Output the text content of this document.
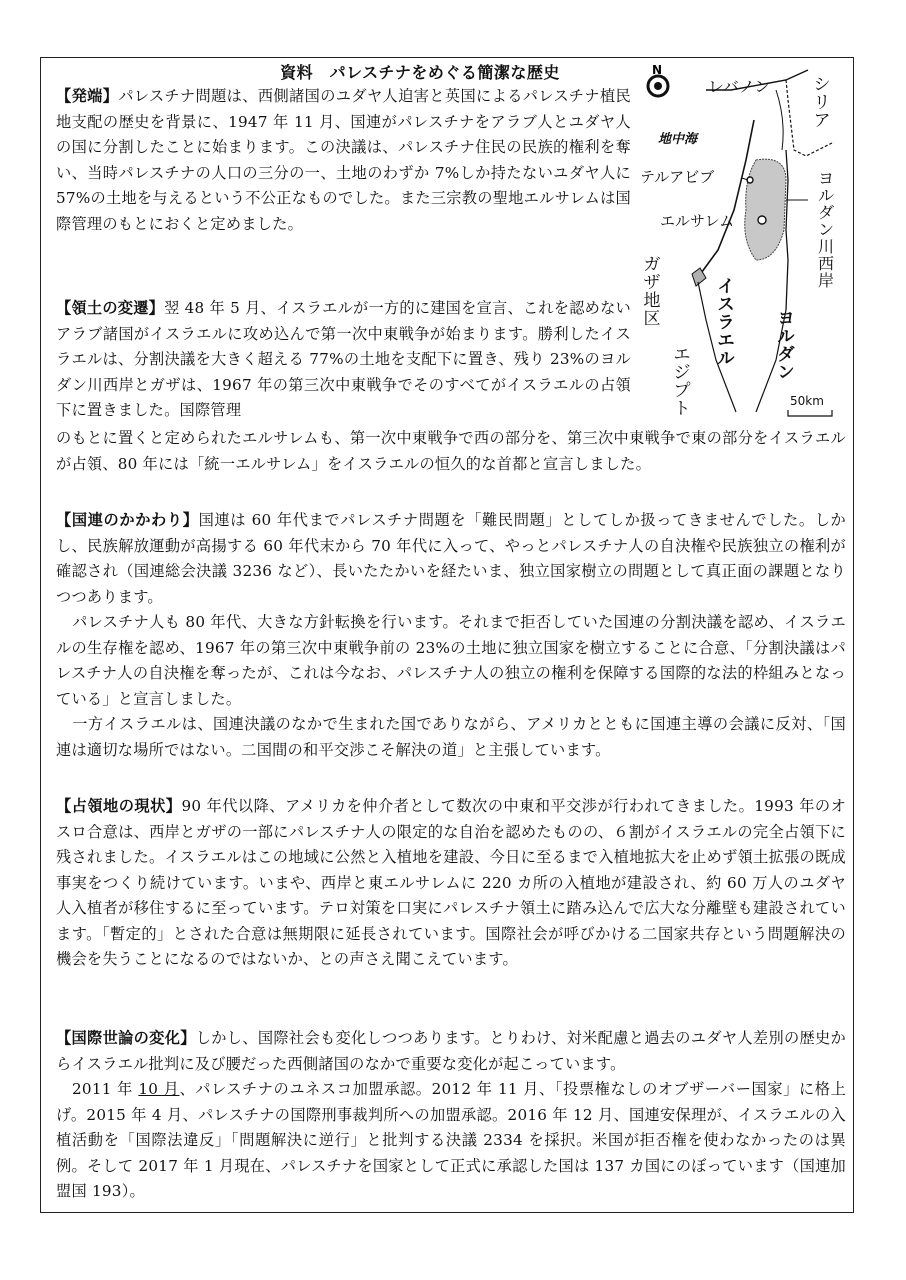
資料　パレスチナをめぐる簡潔な歴史	N
レバノン	シリア
地中海
テルアビブ
エルサレム
ヨルダン川西岸
ガザ地区
イスラエル
ヨルダン
エジプト	50km

【発端】パレスチナ問題は、西側諸国のユダヤ人迫害と英国によるパレスチナ植民地支配の歴史を背景に、1947 年 11 月、国連がパレスチナをアラブ人とユダヤ人の国に分割したことに始まります。この決議は、パレスチナ住民の民族的権利を奪い、当時パレスチナの人口の三分の一、土地のわずか 7%しか持たないユダヤ人に 57%の土地を与えるという不公正なものでした。また三宗教の聖地エルサレムは国際管理のもとにおくと定めました。

【領土の変遷】翌 48 年 5 月、イスラエルが一方的に建国を宣言、これを認めないアラブ諸国がイスラエルに攻め込んで第一次中東戦争が始まります。勝利したイスラエルは、分割決議を大きく超える 77%の土地を支配下に置き、残り 23%のヨルダン川西岸とガザは、1967 年の第三次中東戦争でそのすべてがイスラエルの占領下に置きました。国際管理

のもとに置くと定められたエルサレムも、第一次中東戦争で西の部分を、第三次中東戦争で東の部分をイスラエルが占領、80 年には「統一エルサレム」をイスラエルの恒久的な首都と宣言しました。

【国連のかかわり】国連は 60 年代までパレスチナ問題を「難民問題」としてしか扱ってきませんでした。しかし、民族解放運動が高揚する 60 年代末から 70 年代に入って、やっとパレスチナ人の自決権や民族独立の権利が確認され（国連総会決議 3236 など）、長いたたかいを経たいま、独立国家樹立の問題として真正面の課題となりつつあります。

パレスチナ人も 80 年代、大きな方針転換を行います。それまで拒否していた国連の分割決議を認め、イスラエルの生存権を認め、1967 年の第三次中東戦争前の 23%の土地に独立国家を樹立することに合意、「分割決議はパレスチナ人の自決権を奪ったが、これは今なお、パレスチナ人の独立の権利を保障する国際的な法的枠組みとなっている」と宣言しました。

一方イスラエルは、国連決議のなかで生まれた国でありながら、アメリカとともに国連主導の会議に反対、「国連は適切な場所ではない。二国間の和平交渉こそ解決の道」と主張しています。

【占領地の現状】90 年代以降、アメリカを仲介者として数次の中東和平交渉が行われてきました。1993 年のオスロ合意は、西岸とガザの一部にパレスチナ人の限定的な自治を認めたものの、６割がイスラエルの完全占領下に残されました。イスラエルはこの地域に公然と入植地を建設、今日に至るまで入植地拡大を止めず領土拡張の既成事実をつくり続けています。いまや、西岸と東エルサレムに 220 カ所の入植地が建設され、約 60 万人のユダヤ人入植者が移住するに至っています。テロ対策を口実にパレスチナ領土に踏み込んで広大な分離壁も建設されています。「暫定的」とされた合意は無期限に延長されています。国際社会が呼びかける二国家共存という問題解決の機会を失うことになるのではないか、との声さえ聞こえています。

【国際世論の変化】しかし、国際社会も変化しつつあります。とりわけ、対米配慮と過去のユダヤ人差別の歴史からイスラエル批判に及び腰だった西側諸国のなかで重要な変化が起こっています。

2011 年 10 月、パレスチナのユネスコ加盟承認。2012 年 11 月、「投票権なしのオブザーバー国家」に格上げ。2015 年 4 月、パレスチナの国際刑事裁判所への加盟承認。2016 年 12 月、国連安保理が、イスラエルの入植活動を「国際法違反」「問題解決に逆行」と批判する決議 2334 を採択。米国が拒否権を使わなかったのは異例。そして 2017 年 1 月現在、パレスチナを国家として正式に承認した国は 137 カ国にのぼっています（国連加盟国 193）。
